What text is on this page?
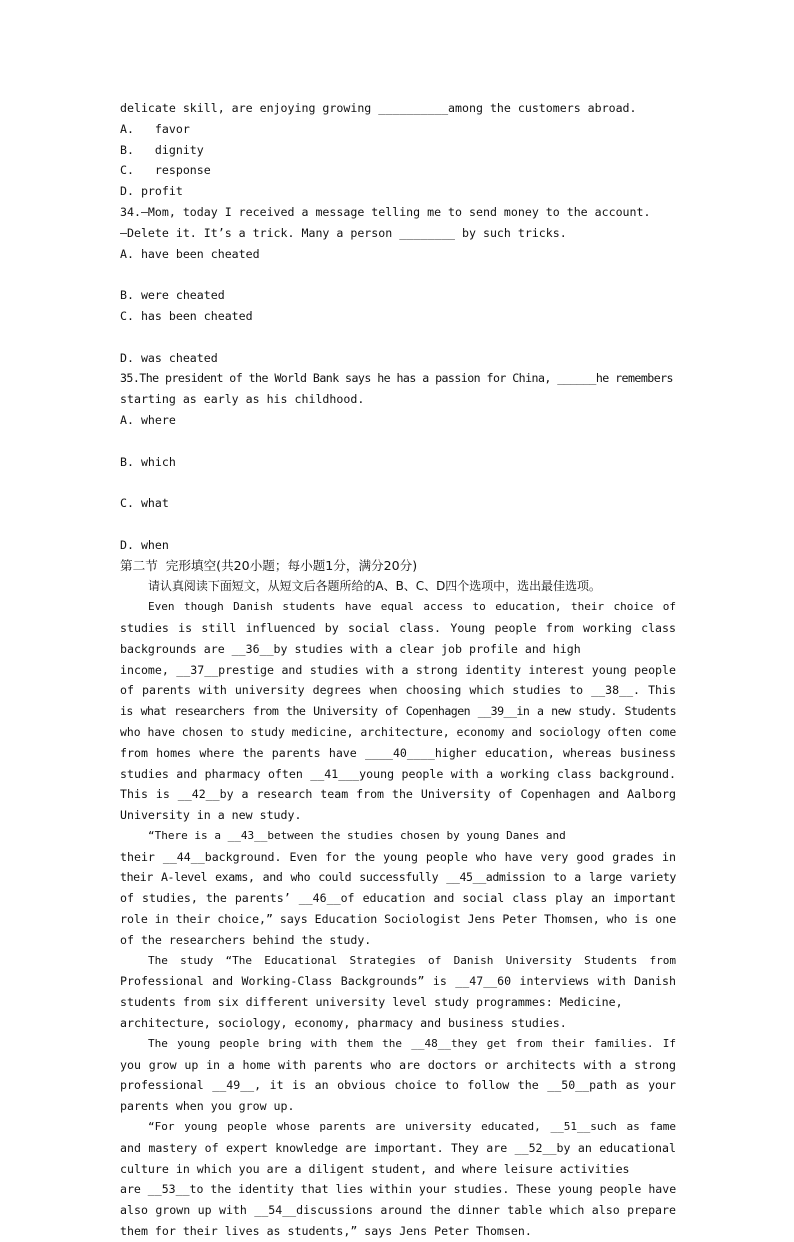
delicate skill, are enjoying growing __________among the customers abroad.
A.   favor
B.   dignity
C.   response
D. profit
34.—Mom, today I received a message telling me to send money to the account.
—Delete it. It’s a trick. Many a person ________ by such tricks.
A. have been cheated
B. were cheated
C. has been cheated
D. was cheated
35.The president of the World Bank says he has a passion for China, ______he remembers
starting as early as his childhood.
A. where
B. which
C. what
D. when
第二节  完形填空(共20小题；每小题1分，满分20分)
请认真阅读下面短文，从短文后各题所给的A、B、C、D四个选项中，选出最佳选项。
Even though Danish students have equal access to education, their choice of
studies is still influenced by social class. Young people from working class
backgrounds are __36__by studies with a clear job profile and high
income, __37__prestige and studies with a strong identity interest young people
of parents with university degrees when choosing which studies to __38__. This
is what researchers from the University of Copenhagen __39__in a new study. Students
who have chosen to study medicine, architecture, economy and sociology often come
from homes where the parents have ____40____higher education, whereas business
studies and pharmacy often __41___young people with a working class background.
This is __42__by a research team from the University of Copenhagen and Aalborg
University in a new study.
“There is a __43__between the studies chosen by young Danes and
their __44__background. Even for the young people who have very good grades in
their A-level exams, and who could successfully __45__admission to a large variety
of studies, the parents’ __46__of education and social class play an important
role in their choice,” says Education Sociologist Jens Peter Thomsen, who is one
of the researchers behind the study.
The study “The Educational Strategies of Danish University Students from
Professional and Working-Class Backgrounds” is __47__60 interviews with Danish
students from six different university level study programmes: Medicine,
architecture, sociology, economy, pharmacy and business studies.
The young people bring with them the __48__they get from their families. If
you grow up in a home with parents who are doctors or architects with a strong
professional __49__, it is an obvious choice to follow the __50__path as your
parents when you grow up.
“For young people whose parents are university educated, __51__such as fame
and mastery of expert knowledge are important. They are __52__by an educational
culture in which you are a diligent student, and where leisure activities
are __53__to the identity that lies within your studies. These young people have
also grown up with __54__discussions around the dinner table which also prepare
them for their lives as students,” says Jens Peter Thomsen.
